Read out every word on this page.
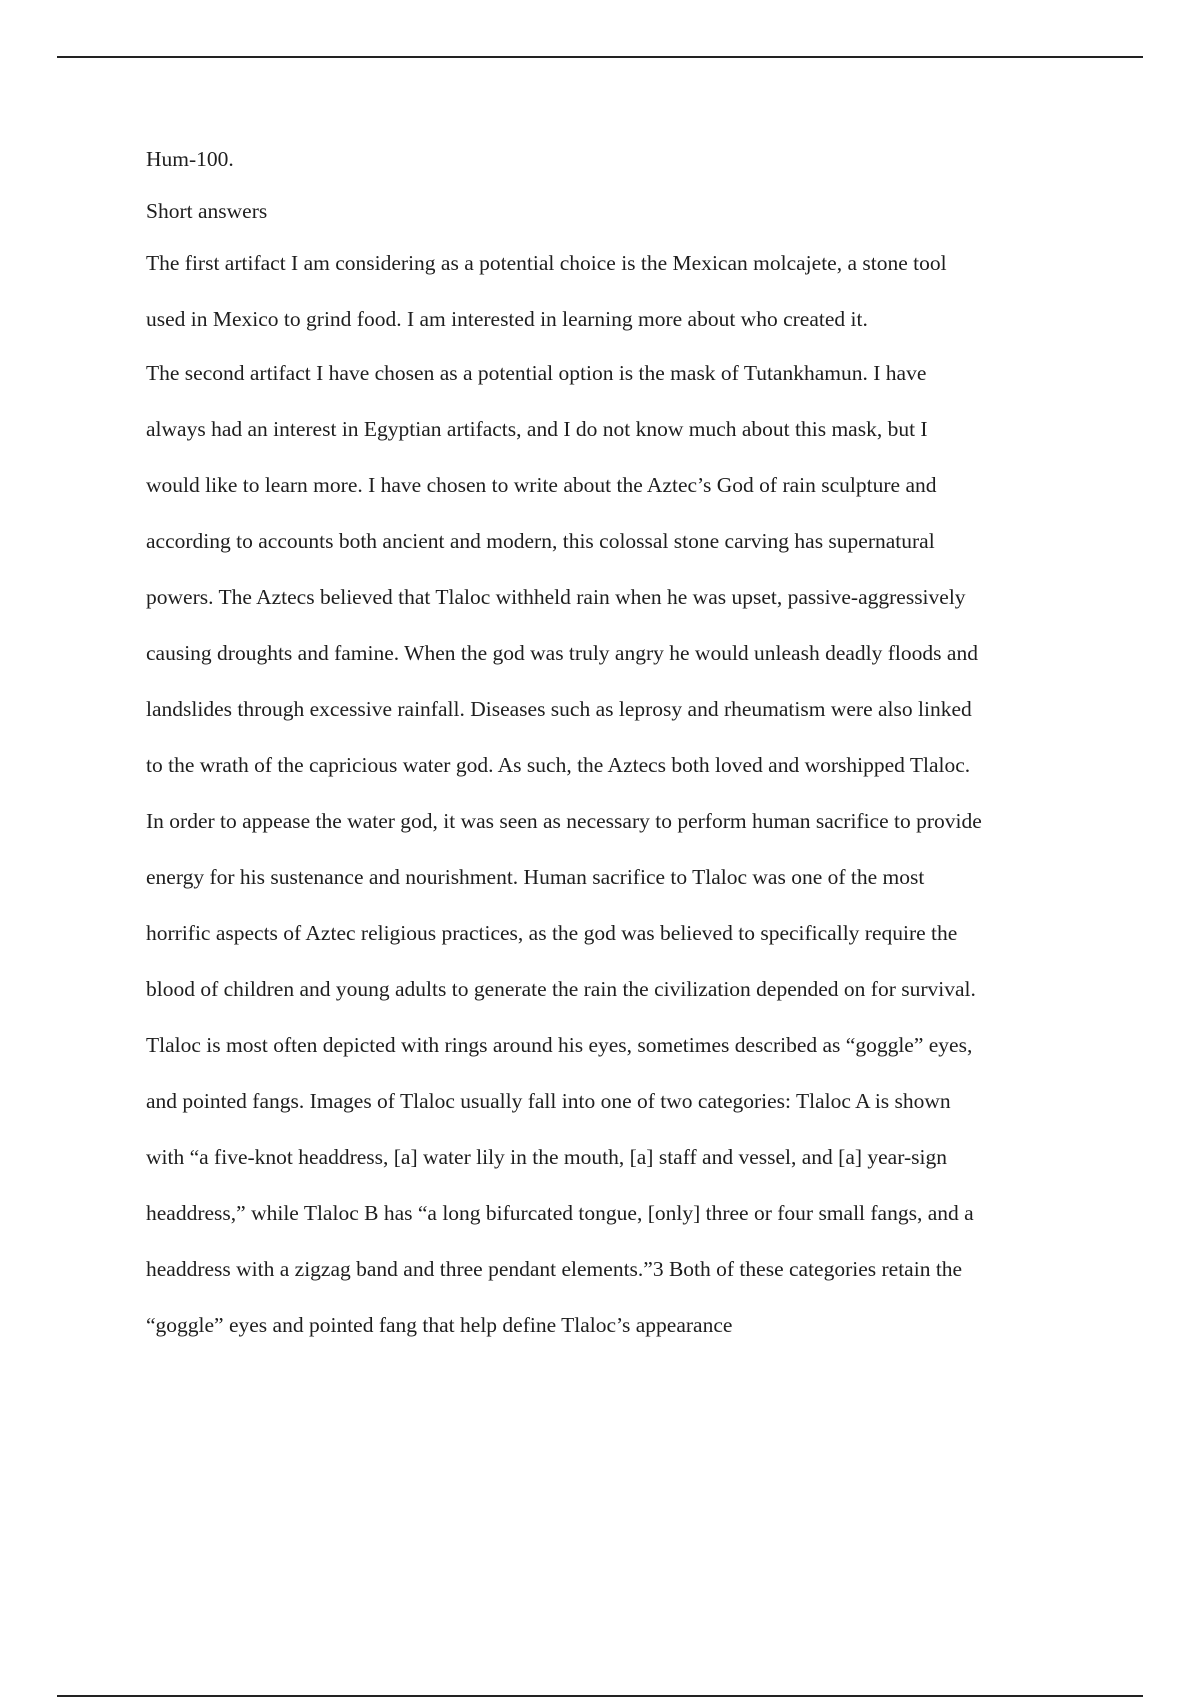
Hum-100.
Short answers
The first artifact I am considering as a potential choice is the Mexican molcajete, a stone tool
used in Mexico to grind food. I am interested in learning more about who created it.
The second artifact I have chosen as a potential option is the mask of Tutankhamun. I have
always had an interest in Egyptian artifacts, and I do not know much about this mask, but I
would like to learn more. I have chosen to write about the Aztec’s God of rain sculpture and
according to accounts both ancient and modern, this colossal stone carving has supernatural
powers. The Aztecs believed that Tlaloc withheld rain when he was upset, passive-aggressively
causing droughts and famine. When the god was truly angry he would unleash deadly floods and
landslides through excessive rainfall. Diseases such as leprosy and rheumatism were also linked
to the wrath of the capricious water god. As such, the Aztecs both loved and worshipped Tlaloc.
In order to appease the water god, it was seen as necessary to perform human sacrifice to provide
energy for his sustenance and nourishment. Human sacrifice to Tlaloc was one of the most
horrific aspects of Aztec religious practices, as the god was believed to specifically require the
blood of children and young adults to generate the rain the civilization depended on for survival.
Tlaloc is most often depicted with rings around his eyes, sometimes described as “goggle” eyes,
and pointed fangs. Images of Tlaloc usually fall into one of two categories: Tlaloc A is shown
with “a five-knot headdress, [a] water lily in the mouth, [a] staff and vessel, and [a] year-sign
headdress,” while Tlaloc B has “a long bifurcated tongue, [only] three or four small fangs, and a
headdress with a zigzag band and three pendant elements.”3 Both of these categories retain the
“goggle” eyes and pointed fang that help define Tlaloc’s appearance
